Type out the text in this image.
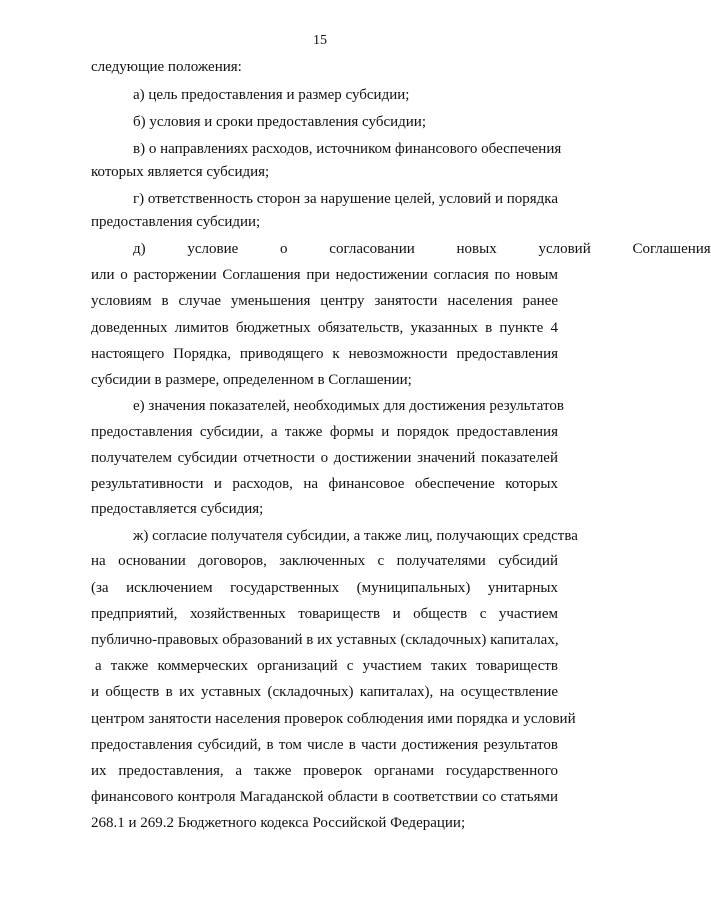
15
следующие положения:
а) цель предоставления и размер субсидии;
б) условия и сроки предоставления субсидии;
в) о направлениях расходов, источником финансового обеспечения
которых является субсидия;
г) ответственность сторон за нарушение целей, условий и порядка
предоставления субсидии;
д) условие о согласовании новых условий Соглашения
или о расторжении Соглашения при недостижении согласия по новым
условиям в случае уменьшения центру занятости населения ранее
доведенных лимитов бюджетных обязательств, указанных в пункте 4
настоящего Порядка, приводящего к невозможности предоставления
субсидии в размере, определенном в Соглашении;
е) значения показателей, необходимых для достижения результатов
предоставления субсидии, а также формы и порядок предоставления
получателем субсидии отчетности о достижении значений показателей
результативности и расходов, на финансовое обеспечение которых
предоставляется субсидия;
ж) согласие получателя субсидии, а также лиц, получающих средства
на основании договоров, заключенных с получателями субсидий
(за исключением государственных (муниципальных) унитарных
предприятий, хозяйственных товариществ и обществ с участием
публично-правовых образований в их уставных (складочных) капиталах,
а также коммерческих организаций с участием таких товариществ
и обществ в их уставных (складочных) капиталах), на осуществление
центром занятости населения проверок соблюдения ими порядка и условий
предоставления субсидий, в том числе в части достижения результатов
их предоставления, а также проверок органами государственного
финансового контроля Магаданской области в соответствии со статьями
268.1 и 269.2 Бюджетного кодекса Российской Федерации;
